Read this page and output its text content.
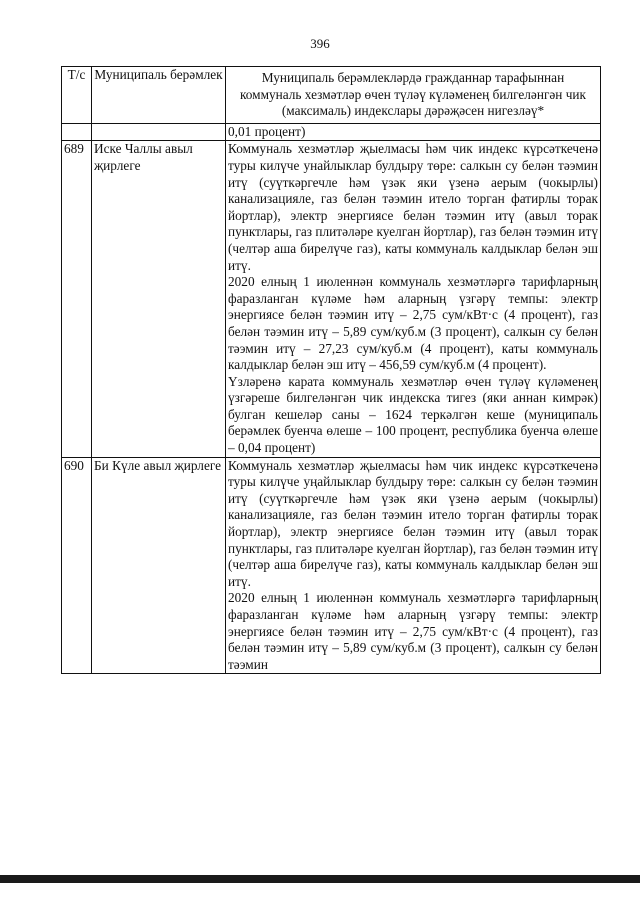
396
Т/с	Муниципаль берәмлек	Муниципаль берәмлекләрдә гражданнар тарафыннан коммуналь хезмәтләр өчен түләү күләменең билгеләнгән чик (максималь) индекслары дәрәҗәсен нигезләү*
		0,01 процент)
689	Иске Чаллы авыл җирлеге	Коммуналь хезмәтләр җыелмасы һәм чик индекс күрсәткеченә туры килүче унайлыклар булдыру төре: салкын су белән тәэмин итү (суүткәргечле һәм үзәк яки үзенә аерым (чокырлы) канализацияле, газ белән тәэмин итело торган фатирлы торак йортлар), электр энергиясе белән тәэмин итү (авыл торак пунктлары, газ плитәләре куелган йортлар), газ белән тәэмин итү (челтәр аша бирелүче газ), каты коммуналь калдыклар белән эш итү.

2020 елның 1 июленнән коммуналь хезмәтләргә тарифларның фаразланган күләме һәм аларның үзгәрү темпы: электр энергиясе белән тәэмин итү – 2,75 сум/кВт·с (4 процент), газ белән тәэмин итү – 5,89 сум/куб.м (3 процент), салкын су белән тәэмин итү – 27,23 сум/куб.м (4 процент), каты коммуналь калдыклар белән эш итү – 456,59 сум/куб.м (4 процент).

Үзләренә карата коммуналь хезмәтләр өчен түләү күләменең үзгәреше билгеләнгән чик индекска тигез (яки аннан кимрәк) булган кешеләр саны – 1624 теркәлгән кеше (муниципаль берәмлек буенча өлеше – 100 процент, республика буенча өлеше – 0,04 процент)

690	Би Күле авыл җирлеге	Коммуналь хезмәтләр җыелмасы һәм чик индекс күрсәткеченә туры килүче уңайлыклар булдыру төре: салкын су белән тәэмин итү (суүткәргечле һәм үзәк яки үзенә аерым (чокырлы) канализацияле, газ белән тәэмин итело торган фатирлы торак йортлар), электр энергиясе белән тәэмин итү (авыл торак пунктлары, газ плитәләре куелган йортлар), газ белән тәэмин итү (челтәр аша бирелүче газ), каты коммуналь калдыклар белән эш итү.

2020 елның 1 июленнән коммуналь хезмәтләргә тарифларның фаразланган күләме һәм аларның үзгәрү темпы: электр энергиясе белән тәэмин итү – 2,75 сум/кВт·с (4 процент), газ белән тәэмин итү – 5,89 сум/куб.м (3 процент), салкын су белән тәэмин
